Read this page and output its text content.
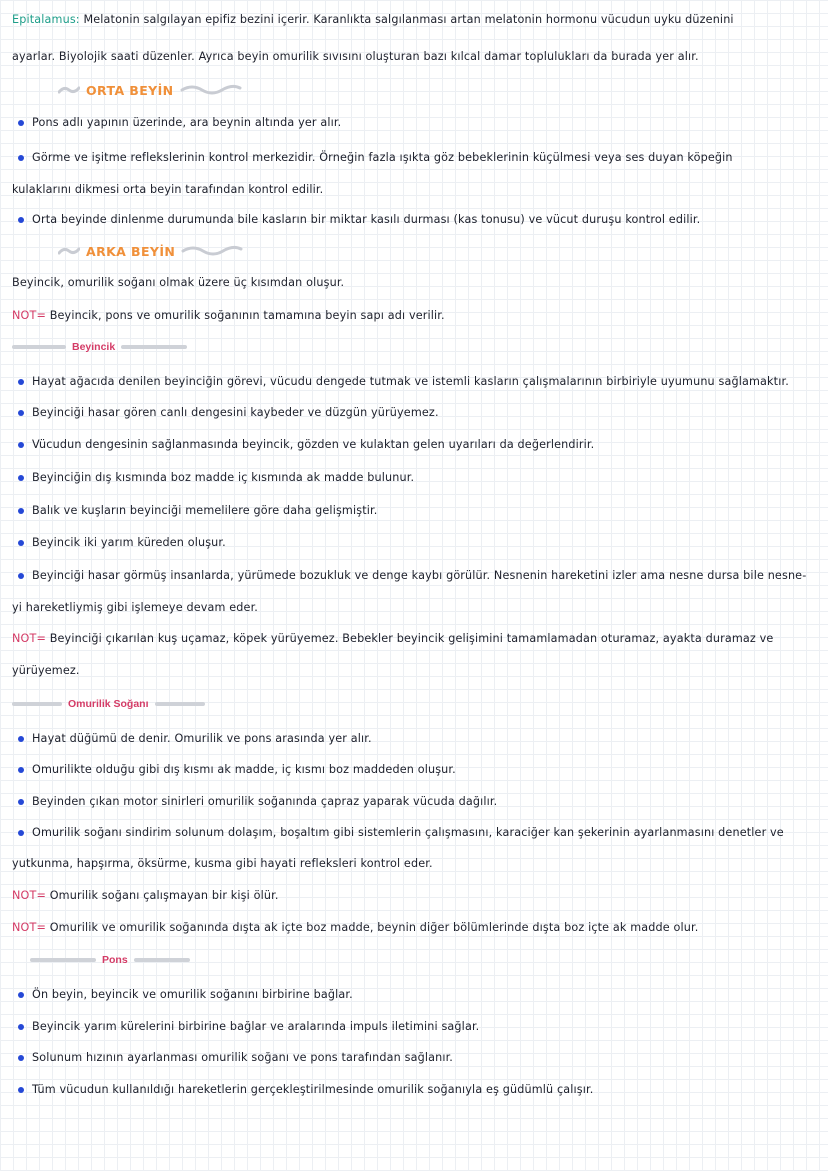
Epitalamus: Melatonin salgılayan epifiz bezini içerir. Karanlıkta salgılanması artan melatonin hormonu vücudun uyku düzenini
ayarlar. Biyolojik saati düzenler. Ayrıca beyin omurilik sıvısını oluşturan bazı kılcal damar toplulukları da burada yer alır.
ORTA BEYİN
Pons adlı yapının üzerinde, ara beynin altında yer alır.
Görme ve işitme reflekslerinin kontrol merkezidir. Örneğin fazla ışıkta göz bebeklerinin küçülmesi veya ses duyan köpeğin
kulaklarını dikmesi orta beyin tarafından kontrol edilir.
Orta beyinde dinlenme durumunda bile kasların bir miktar kasılı durması (kas tonusu) ve vücut duruşu kontrol edilir.
ARKA BEYİN
Beyincik, omurilik soğanı olmak üzere üç kısımdan oluşur.
NOT= Beyincik, pons ve omurilik soğanının tamamına beyin sapı adı verilir.
Beyincik
Hayat ağacıda denilen beyinciğin görevi, vücudu dengede tutmak ve istemli kasların çalışmalarının birbiriyle uyumunu sağlamaktır.
Beyinciği hasar gören canlı dengesini kaybeder ve düzgün yürüyemez.
Vücudun dengesinin sağlanmasında beyincik, gözden ve kulaktan gelen uyarıları da değerlendirir.
Beyinciğin dış kısmında boz madde iç kısmında ak madde bulunur.
Balık ve kuşların beyinciği memelilere göre daha gelişmiştir.
Beyincik iki yarım küreden oluşur.
Beyinciği hasar görmüş insanlarda, yürümede bozukluk ve denge kaybı görülür. Nesnenin hareketini izler ama nesne dursa bile nesne-
yi hareketliymiş gibi işlemeye devam eder.
NOT= Beyinciği çıkarılan kuş uçamaz, köpek yürüyemez. Bebekler beyincik gelişimini tamamlamadan oturamaz, ayakta duramaz ve
yürüyemez.
Omurilik Soğanı
Hayat düğümü de denir. Omurilik ve pons arasında yer alır.
Omurilikte olduğu gibi dış kısmı ak madde, iç kısmı boz maddeden oluşur.
Beyinden çıkan motor sinirleri omurilik soğanında çapraz yaparak vücuda dağılır.
Omurilik soğanı sindirim solunum dolaşım, boşaltım gibi sistemlerin çalışmasını, karaciğer kan şekerinin ayarlanmasını denetler ve
yutkunma, hapşırma, öksürme, kusma gibi hayati refleksleri kontrol eder.
NOT= Omurilik soğanı çalışmayan bir kişi ölür.
NOT= Omurilik ve omurilik soğanında dışta ak içte boz madde, beynin diğer bölümlerinde dışta boz içte ak madde olur.
Pons
Ön beyin, beyincik ve omurilik soğanını birbirine bağlar.
Beyincik yarım kürelerini birbirine bağlar ve aralarında impuls iletimini sağlar.
Solunum hızının ayarlanması omurilik soğanı ve pons tarafından sağlanır.
Tüm vücudun kullanıldığı hareketlerin gerçekleştirilmesinde omurilik soğanıyla eş güdümlü çalışır.
